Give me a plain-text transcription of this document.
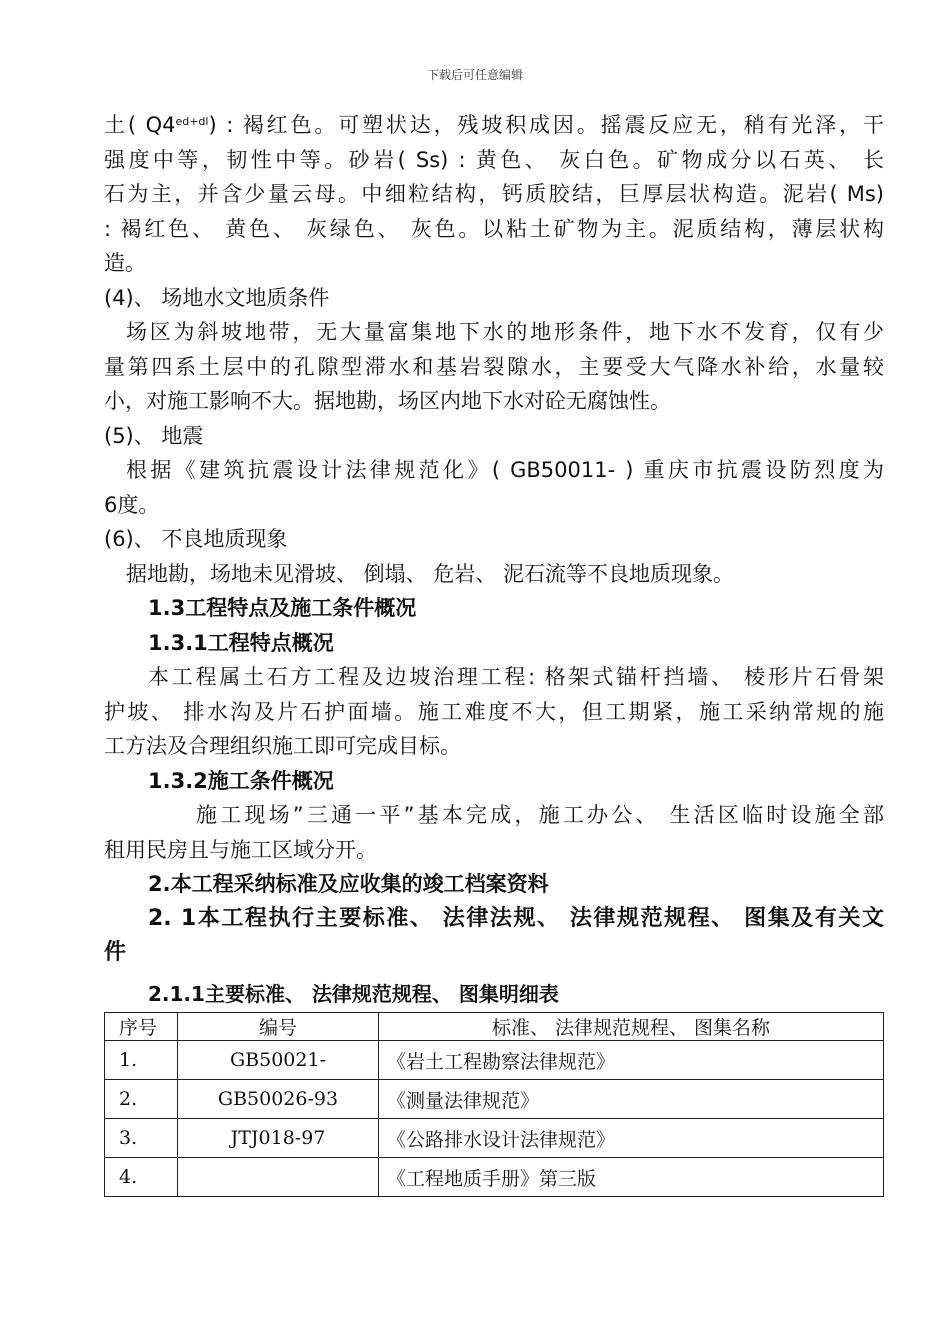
下载后可任意编辑
土( $Q4^{ed+dl}$) : 褐红色。可塑状达，残坡积成因。摇震反应无，稍有光泽，干
强度中等，韧性中等。砂岩( Ss) : 黄色、 灰白色。矿物成分以石英、 长
石为主，并含少量云母。中细粒结构，钙质胶结，巨厚层状构造。泥岩( Ms)
: 褐红色、 黄色、 灰绿色、 灰色。以粘土矿物为主。泥质结构，薄层状构
造。
(4)、 场地水文地质条件
场区为斜坡地带，无大量富集地下水的地形条件，地下水不发育，仅有少
量第四系土层中的孔隙型滞水和基岩裂隙水，主要受大气降水补给，水量较
小，对施工影响不大。据地勘，场区内地下水对砼无腐蚀性。
(5)、 地震
根据《建筑抗震设计法律规范化》( GB50011- ) 重庆市抗震设防烈度为
6度。
(6)、 不良地质现象
据地勘，场地未见滑坡、 倒塌、 危岩、 泥石流等不良地质现象。
1.3工程特点及施工条件概况
1.3.1工程特点概况
本工程属土石方工程及边坡治理工程: 格架式锚杆挡墙、 棱形片石骨架
护坡、 排水沟及片石护面墙。施工难度不大，但工期紧，施工采纳常规的施
工方法及合理组织施工即可完成目标。
1.3.2施工条件概况
施工现场”三通一平”基本完成，施工办公、 生活区临时设施全部
租用民房且与施工区域分开。
2.本工程采纳标准及应收集的竣工档案资料
2. 1本工程执行主要标准、 法律法规、 法律规范规程、 图集及有关文
件
2.1.1主要标准、 法律规范规程、 图集明细表
序号	编号	标准、 法律规范规程、 图集名称
1.	GB50021-	《岩土工程勘察法律规范》
2.	GB50026-93	《测量法律规范》
3.	JTJ018-97	《公路排水设计法律规范》
4.		《工程地质手册》第三版
